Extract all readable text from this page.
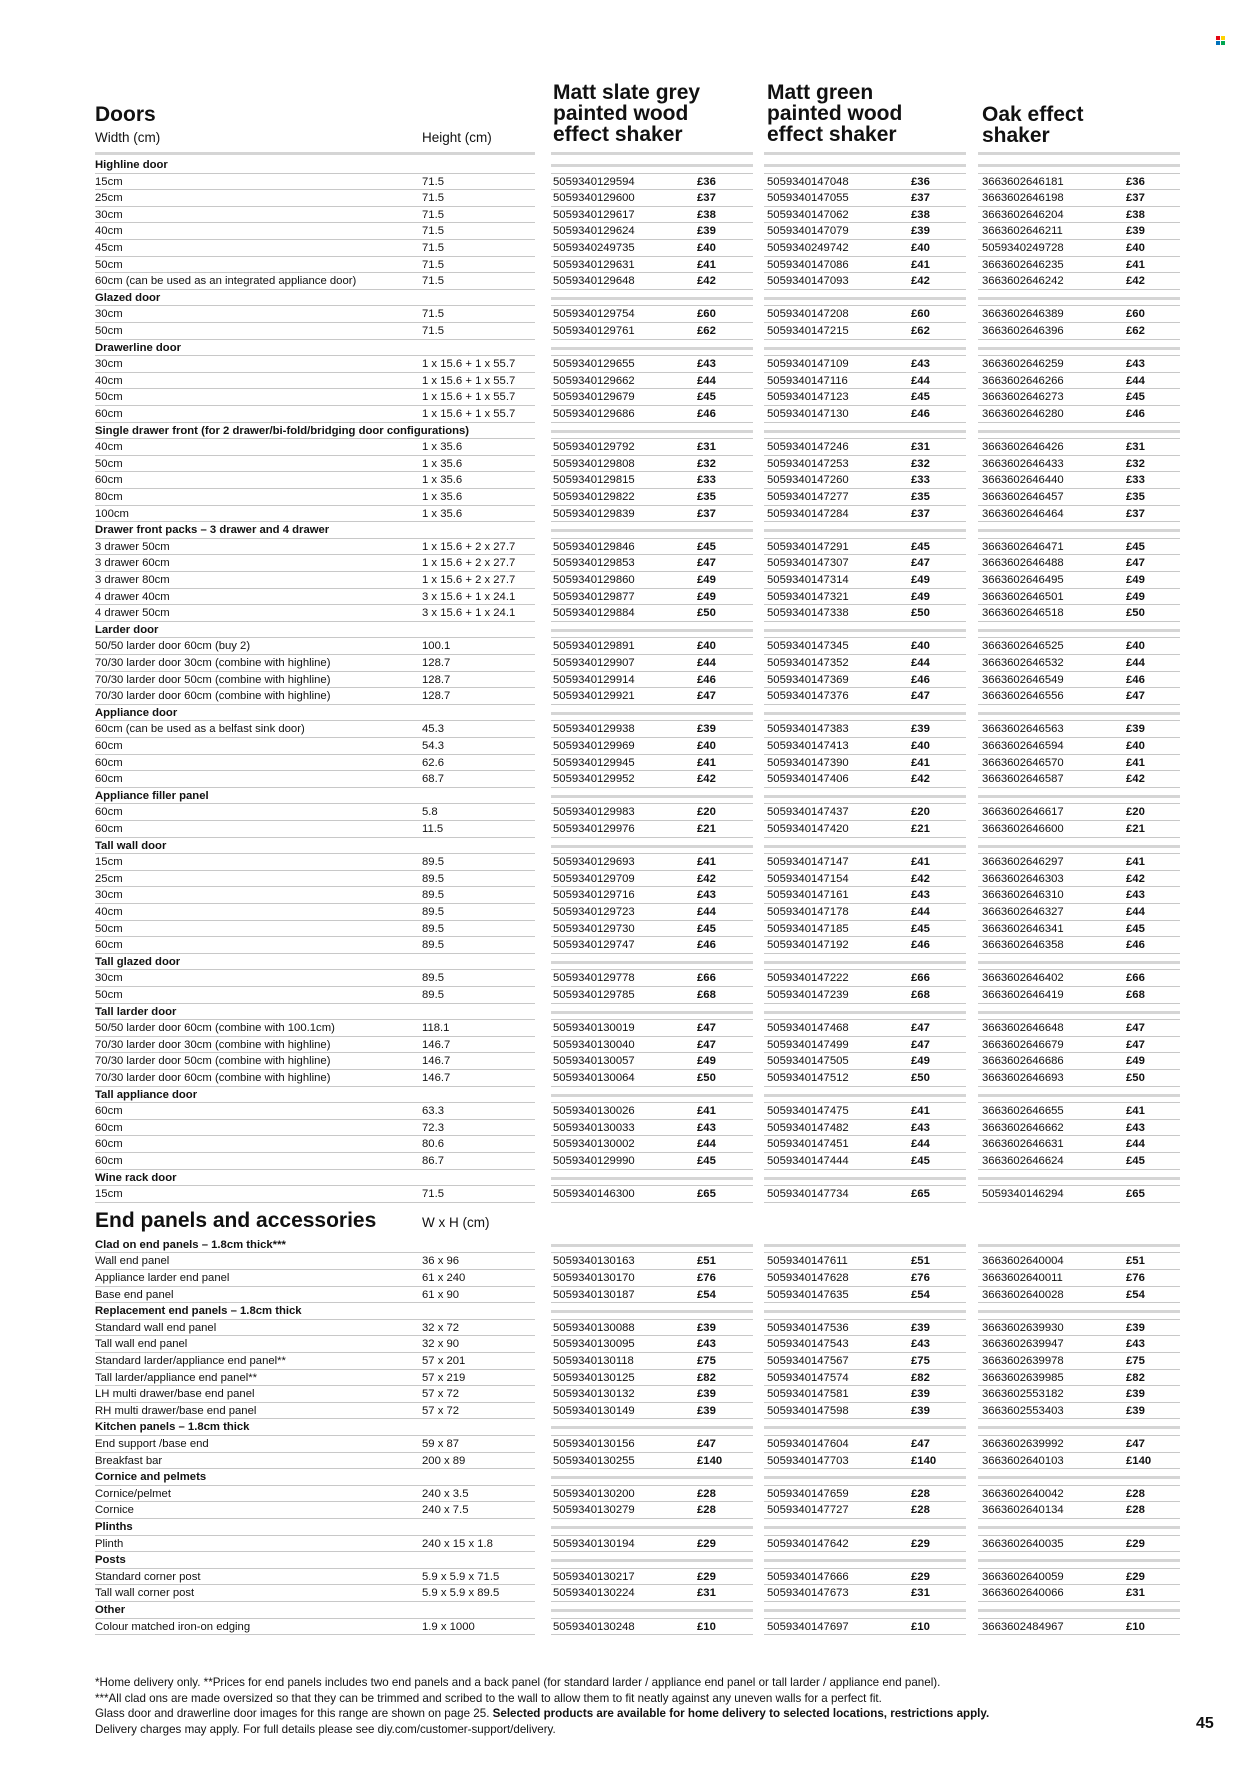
Doors
Width (cm)	Height (cm)
Matt slate grey
painted wood
effect shaker
Matt green
painted wood
effect shaker
Oak effect
shaker
End panels and accessories	W x H (cm)
Highline door
15cm	71.5	5059340129594	£36	5059340147048	£36	3663602646181	£36
25cm	71.5	5059340129600	£37	5059340147055	£37	3663602646198	£37
30cm	71.5	5059340129617	£38	5059340147062	£38	3663602646204	£38
40cm	71.5	5059340129624	£39	5059340147079	£39	3663602646211	£39
45cm	71.5	5059340249735	£40	5059340249742	£40	5059340249728	£40
50cm	71.5	5059340129631	£41	5059340147086	£41	3663602646235	£41
60cm (can be used as an integrated appliance door)	71.5	5059340129648	£42	5059340147093	£42	3663602646242	£42
Glazed door
30cm	71.5	5059340129754	£60	5059340147208	£60	3663602646389	£60
50cm	71.5	5059340129761	£62	5059340147215	£62	3663602646396	£62
Drawerline door
30cm	1 x 15.6 + 1 x 55.7	5059340129655	£43	5059340147109	£43	3663602646259	£43
40cm	1 x 15.6 + 1 x 55.7	5059340129662	£44	5059340147116	£44	3663602646266	£44
50cm	1 x 15.6 + 1 x 55.7	5059340129679	£45	5059340147123	£45	3663602646273	£45
60cm	1 x 15.6 + 1 x 55.7	5059340129686	£46	5059340147130	£46	3663602646280	£46
Single drawer front (for 2 drawer/bi-fold/bridging door configurations)
40cm	1 x 35.6	5059340129792	£31	5059340147246	£31	3663602646426	£31
50cm	1 x 35.6	5059340129808	£32	5059340147253	£32	3663602646433	£32
60cm	1 x 35.6	5059340129815	£33	5059340147260	£33	3663602646440	£33
80cm	1 x 35.6	5059340129822	£35	5059340147277	£35	3663602646457	£35
100cm	1 x 35.6	5059340129839	£37	5059340147284	£37	3663602646464	£37
Drawer front packs – 3 drawer and 4 drawer
3 drawer 50cm	1 x 15.6 + 2 x 27.7	5059340129846	£45	5059340147291	£45	3663602646471	£45
3 drawer 60cm	1 x 15.6 + 2 x 27.7	5059340129853	£47	5059340147307	£47	3663602646488	£47
3 drawer 80cm	1 x 15.6 + 2 x 27.7	5059340129860	£49	5059340147314	£49	3663602646495	£49
4 drawer 40cm	3 x 15.6 + 1 x 24.1	5059340129877	£49	5059340147321	£49	3663602646501	£49
4 drawer 50cm	3 x 15.6 + 1 x 24.1	5059340129884	£50	5059340147338	£50	3663602646518	£50
Larder door
50/50 larder door 60cm (buy 2)	100.1	5059340129891	£40	5059340147345	£40	3663602646525	£40
70/30 larder door 30cm (combine with highline)	128.7	5059340129907	£44	5059340147352	£44	3663602646532	£44
70/30 larder door 50cm (combine with highline)	128.7	5059340129914	£46	5059340147369	£46	3663602646549	£46
70/30 larder door 60cm (combine with highline)	128.7	5059340129921	£47	5059340147376	£47	3663602646556	£47
Appliance door
60cm (can be used as a belfast sink door)	45.3	5059340129938	£39	5059340147383	£39	3663602646563	£39
60cm	54.3	5059340129969	£40	5059340147413	£40	3663602646594	£40
60cm	62.6	5059340129945	£41	5059340147390	£41	3663602646570	£41
60cm	68.7	5059340129952	£42	5059340147406	£42	3663602646587	£42
Appliance filler panel
60cm	5.8	5059340129983	£20	5059340147437	£20	3663602646617	£20
60cm	11.5	5059340129976	£21	5059340147420	£21	3663602646600	£21
Tall wall door
15cm	89.5	5059340129693	£41	5059340147147	£41	3663602646297	£41
25cm	89.5	5059340129709	£42	5059340147154	£42	3663602646303	£42
30cm	89.5	5059340129716	£43	5059340147161	£43	3663602646310	£43
40cm	89.5	5059340129723	£44	5059340147178	£44	3663602646327	£44
50cm	89.5	5059340129730	£45	5059340147185	£45	3663602646341	£45
60cm	89.5	5059340129747	£46	5059340147192	£46	3663602646358	£46
Tall glazed door
30cm	89.5	5059340129778	£66	5059340147222	£66	3663602646402	£66
50cm	89.5	5059340129785	£68	5059340147239	£68	3663602646419	£68
Tall larder door
50/50 larder door 60cm (combine with 100.1cm)	118.1	5059340130019	£47	5059340147468	£47	3663602646648	£47
70/30 larder door 30cm (combine with highline)	146.7	5059340130040	£47	5059340147499	£47	3663602646679	£47
70/30 larder door 50cm (combine with highline)	146.7	5059340130057	£49	5059340147505	£49	3663602646686	£49
70/30 larder door 60cm (combine with highline)	146.7	5059340130064	£50	5059340147512	£50	3663602646693	£50
Tall appliance door
60cm	63.3	5059340130026	£41	5059340147475	£41	3663602646655	£41
60cm	72.3	5059340130033	£43	5059340147482	£43	3663602646662	£43
60cm	80.6	5059340130002	£44	5059340147451	£44	3663602646631	£44
60cm	86.7	5059340129990	£45	5059340147444	£45	3663602646624	£45
Wine rack door
15cm	71.5	5059340146300	£65	5059340147734	£65	5059340146294	£65
Clad on end panels – 1.8cm thick***
Wall end panel	36 x 96	5059340130163	£51	5059340147611	£51	3663602640004	£51
Appliance larder end panel	61 x 240	5059340130170	£76	5059340147628	£76	3663602640011	£76
Base end panel	61 x 90	5059340130187	£54	5059340147635	£54	3663602640028	£54
Replacement end panels – 1.8cm thick
Standard wall end panel	32 x 72	5059340130088	£39	5059340147536	£39	3663602639930	£39
Tall wall end panel	32 x 90	5059340130095	£43	5059340147543	£43	3663602639947	£43
Standard larder/appliance end panel**	57 x 201	5059340130118	£75	5059340147567	£75	3663602639978	£75
Tall larder/appliance end panel**	57 x 219	5059340130125	£82	5059340147574	£82	3663602639985	£82
LH multi drawer/base end panel	57 x 72	5059340130132	£39	5059340147581	£39	3663602553182	£39
RH multi drawer/base end panel	57 x 72	5059340130149	£39	5059340147598	£39	3663602553403	£39
Kitchen panels – 1.8cm thick
End support /base end	59 x 87	5059340130156	£47	5059340147604	£47	3663602639992	£47
Breakfast bar	200 x 89	5059340130255	£140	5059340147703	£140	3663602640103	£140
Cornice and pelmets
Cornice/pelmet	240 x 3.5	5059340130200	£28	5059340147659	£28	3663602640042	£28
Cornice	240 x 7.5	5059340130279	£28	5059340147727	£28	3663602640134	£28
Plinths
Plinth	240 x 15 x 1.8	5059340130194	£29	5059340147642	£29	3663602640035	£29
Posts
Standard corner post	5.9 x 5.9 x 71.5	5059340130217	£29	5059340147666	£29	3663602640059	£29
Tall wall corner post	5.9 x 5.9 x 89.5	5059340130224	£31	5059340147673	£31	3663602640066	£31
Other
Colour matched iron-on edging	1.9 x 1000	5059340130248	£10	5059340147697	£10	3663602484967	£10
*Home delivery only. **Prices for end panels includes two end panels and a back panel (for standard larder / appliance end panel or tall larder / appliance end panel).
***All clad ons are made oversized so that they can be trimmed and scribed to the wall to allow them to fit neatly against any uneven walls for a perfect fit.
Glass door and drawerline door images for this range are shown on page 25. Selected products are available for home delivery to selected locations, restrictions apply.
Delivery charges may apply. For full details please see diy.com/customer-support/delivery.	45
